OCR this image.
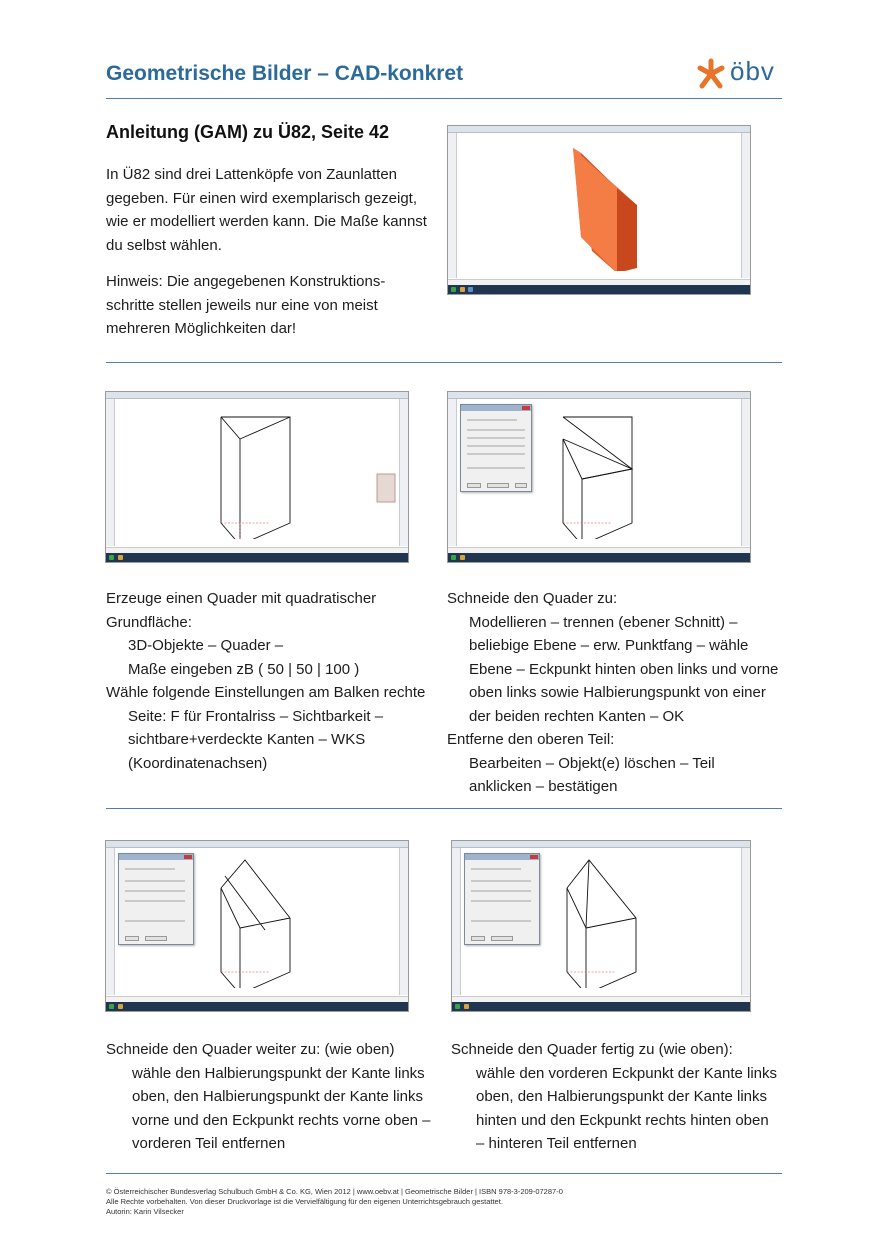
Geometrische Bilder – CAD-konkret	öbv
Anleitung (GAM) zu Ü82, Seite 42
In Ü82 sind drei Lattenköpfe von Zaunlatten
gegeben. Für einen wird exemplarisch gezeigt,
wie er modelliert werden kann. Die Maße kannst
du selbst wählen.
Hinweis: Die angegebenen Konstruktions-
schritte stellen jeweils nur eine von meist
mehreren Möglichkeiten dar!
Erzeuge einen Quader mit quadratischer
Grundfläche:
3D-Objekte – Quader –
Maße eingeben zB ( 50 | 50 | 100 )
Wähle folgende Einstellungen am Balken rechte
Seite: F für Frontalriss – Sichtbarkeit –
sichtbare+verdeckte Kanten – WKS
(Koordinatenachsen)
Schneide den Quader zu:
Modellieren – trennen (ebener Schnitt) –
beliebige Ebene – erw. Punktfang – wähle
Ebene – Eckpunkt hinten oben links und vorne
oben links sowie Halbierungspunkt von einer
der beiden rechten Kanten – OK
Entferne den oberen Teil:
Bearbeiten – Objekt(e) löschen – Teil
anklicken – bestätigen
Schneide den Quader weiter zu: (wie oben)
wähle den Halbierungspunkt der Kante links
oben, den Halbierungspunkt der Kante links
vorne und den Eckpunkt rechts vorne oben –
vorderen Teil entfernen
Schneide den Quader fertig zu (wie oben):
wähle den vorderen Eckpunkt der Kante links
oben, den Halbierungspunkt der Kante links
hinten und den Eckpunkt rechts hinten oben
– hinteren Teil entfernen
© Österreichischer Bundesverlag Schulbuch GmbH & Co. KG, Wien 2012 | www.oebv.at | Geometrische Bilder | ISBN 978-3-209-07287-0
Alle Rechte vorbehalten. Von dieser Druckvorlage ist die Vervielfältigung für den eigenen Unterrichtsgebrauch gestattet.
Autorin: Karin Vilsecker
